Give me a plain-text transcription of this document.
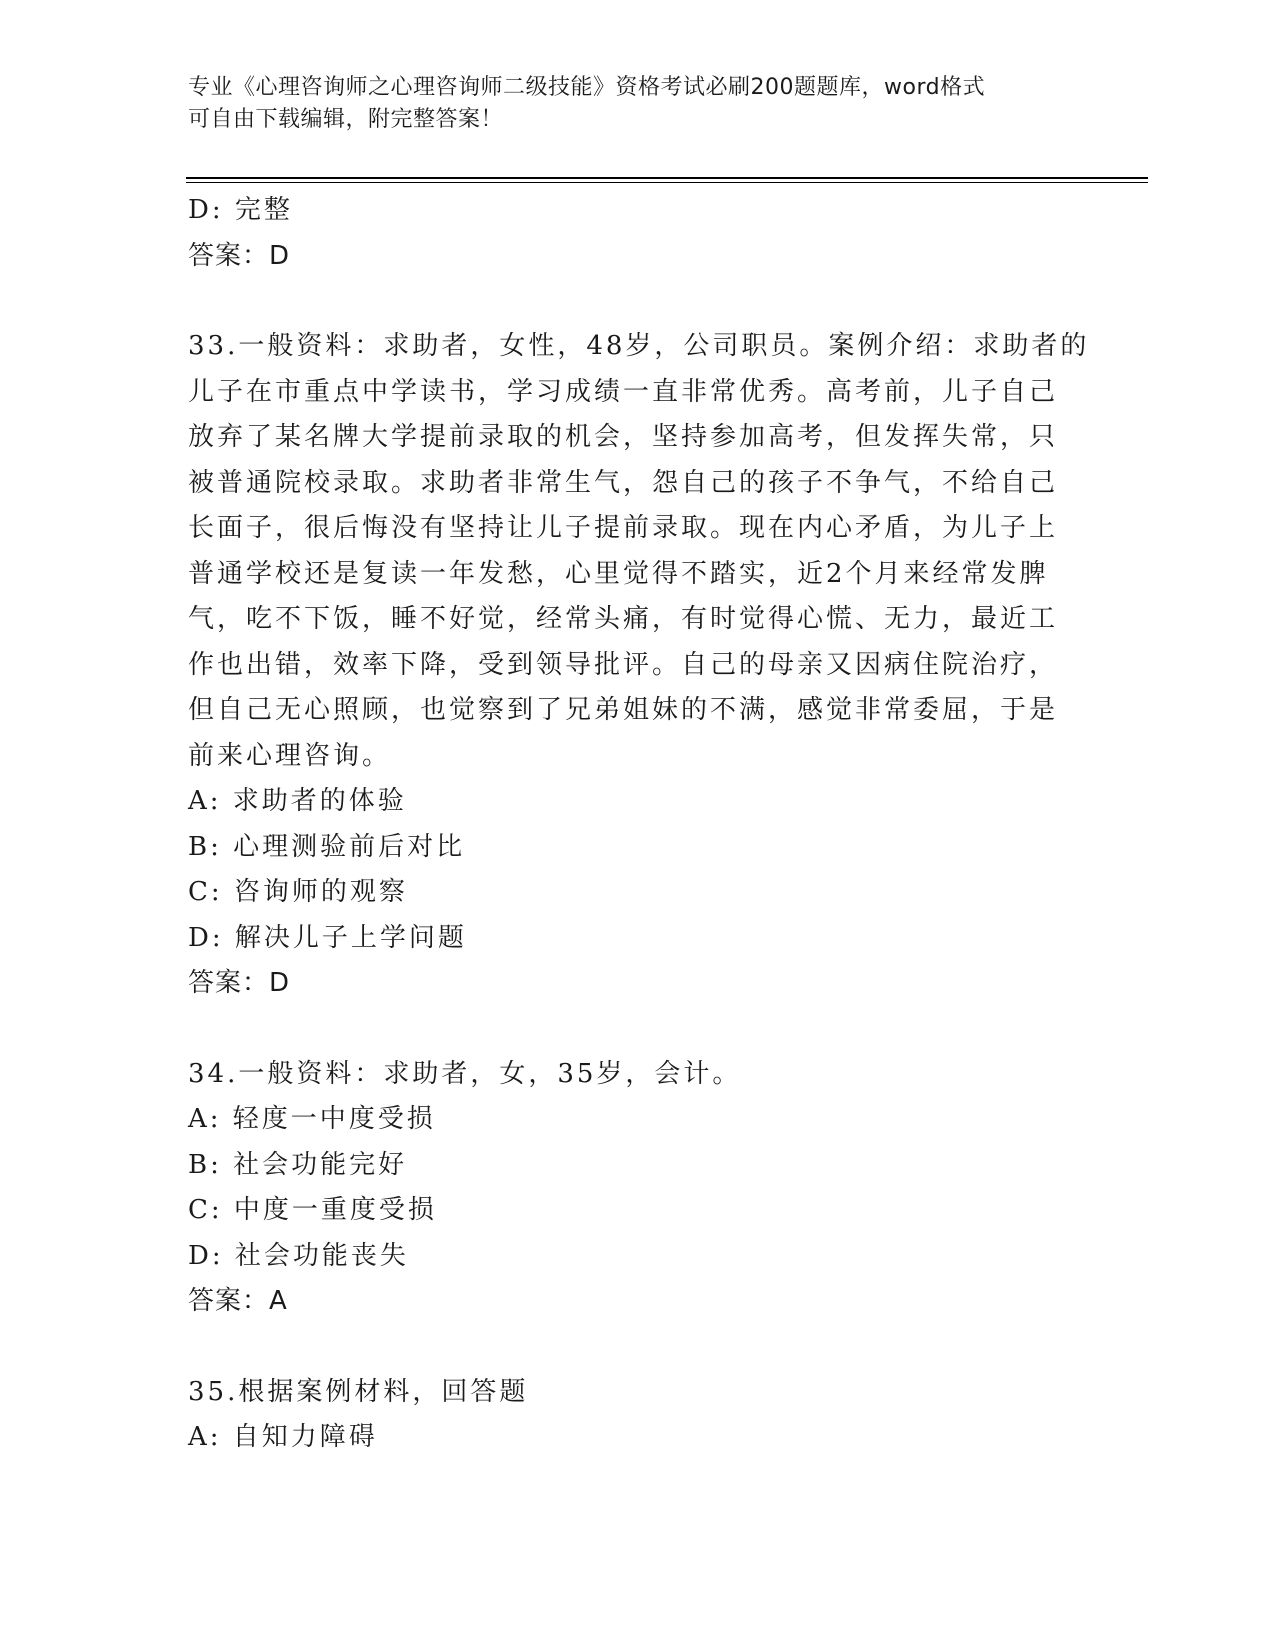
专业《心理咨询师之心理咨询师二级技能》资格考试必刷200题题库，word格式
可自由下载编辑，附完整答案！
D: 完整
答案：D
33.一般资料：求助者，女性，48岁，公司职员。案例介绍：求助者的
儿子在市重点中学读书，学习成绩一直非常优秀。高考前，儿子自己
放弃了某名牌大学提前录取的机会，坚持参加高考，但发挥失常，只
被普通院校录取。求助者非常生气，怨自己的孩子不争气，不给自己
长面子，很后悔没有坚持让儿子提前录取。现在内心矛盾，为儿子上
普通学校还是复读一年发愁，心里觉得不踏实，近2个月来经常发脾
气，吃不下饭，睡不好觉，经常头痛，有时觉得心慌、无力，最近工
作也出错，效率下降，受到领导批评。自己的母亲又因病住院治疗，
但自己无心照顾，也觉察到了兄弟姐妹的不满，感觉非常委屈，于是
前来心理咨询。
A: 求助者的体验
B: 心理测验前后对比
C: 咨询师的观察
D: 解决儿子上学问题
答案：D
34.一般资料：求助者，女，35岁，会计。
A: 轻度一中度受损
B: 社会功能完好
C: 中度一重度受损
D: 社会功能丧失
答案：A
35.根据案例材料，回答题
A: 自知力障碍
